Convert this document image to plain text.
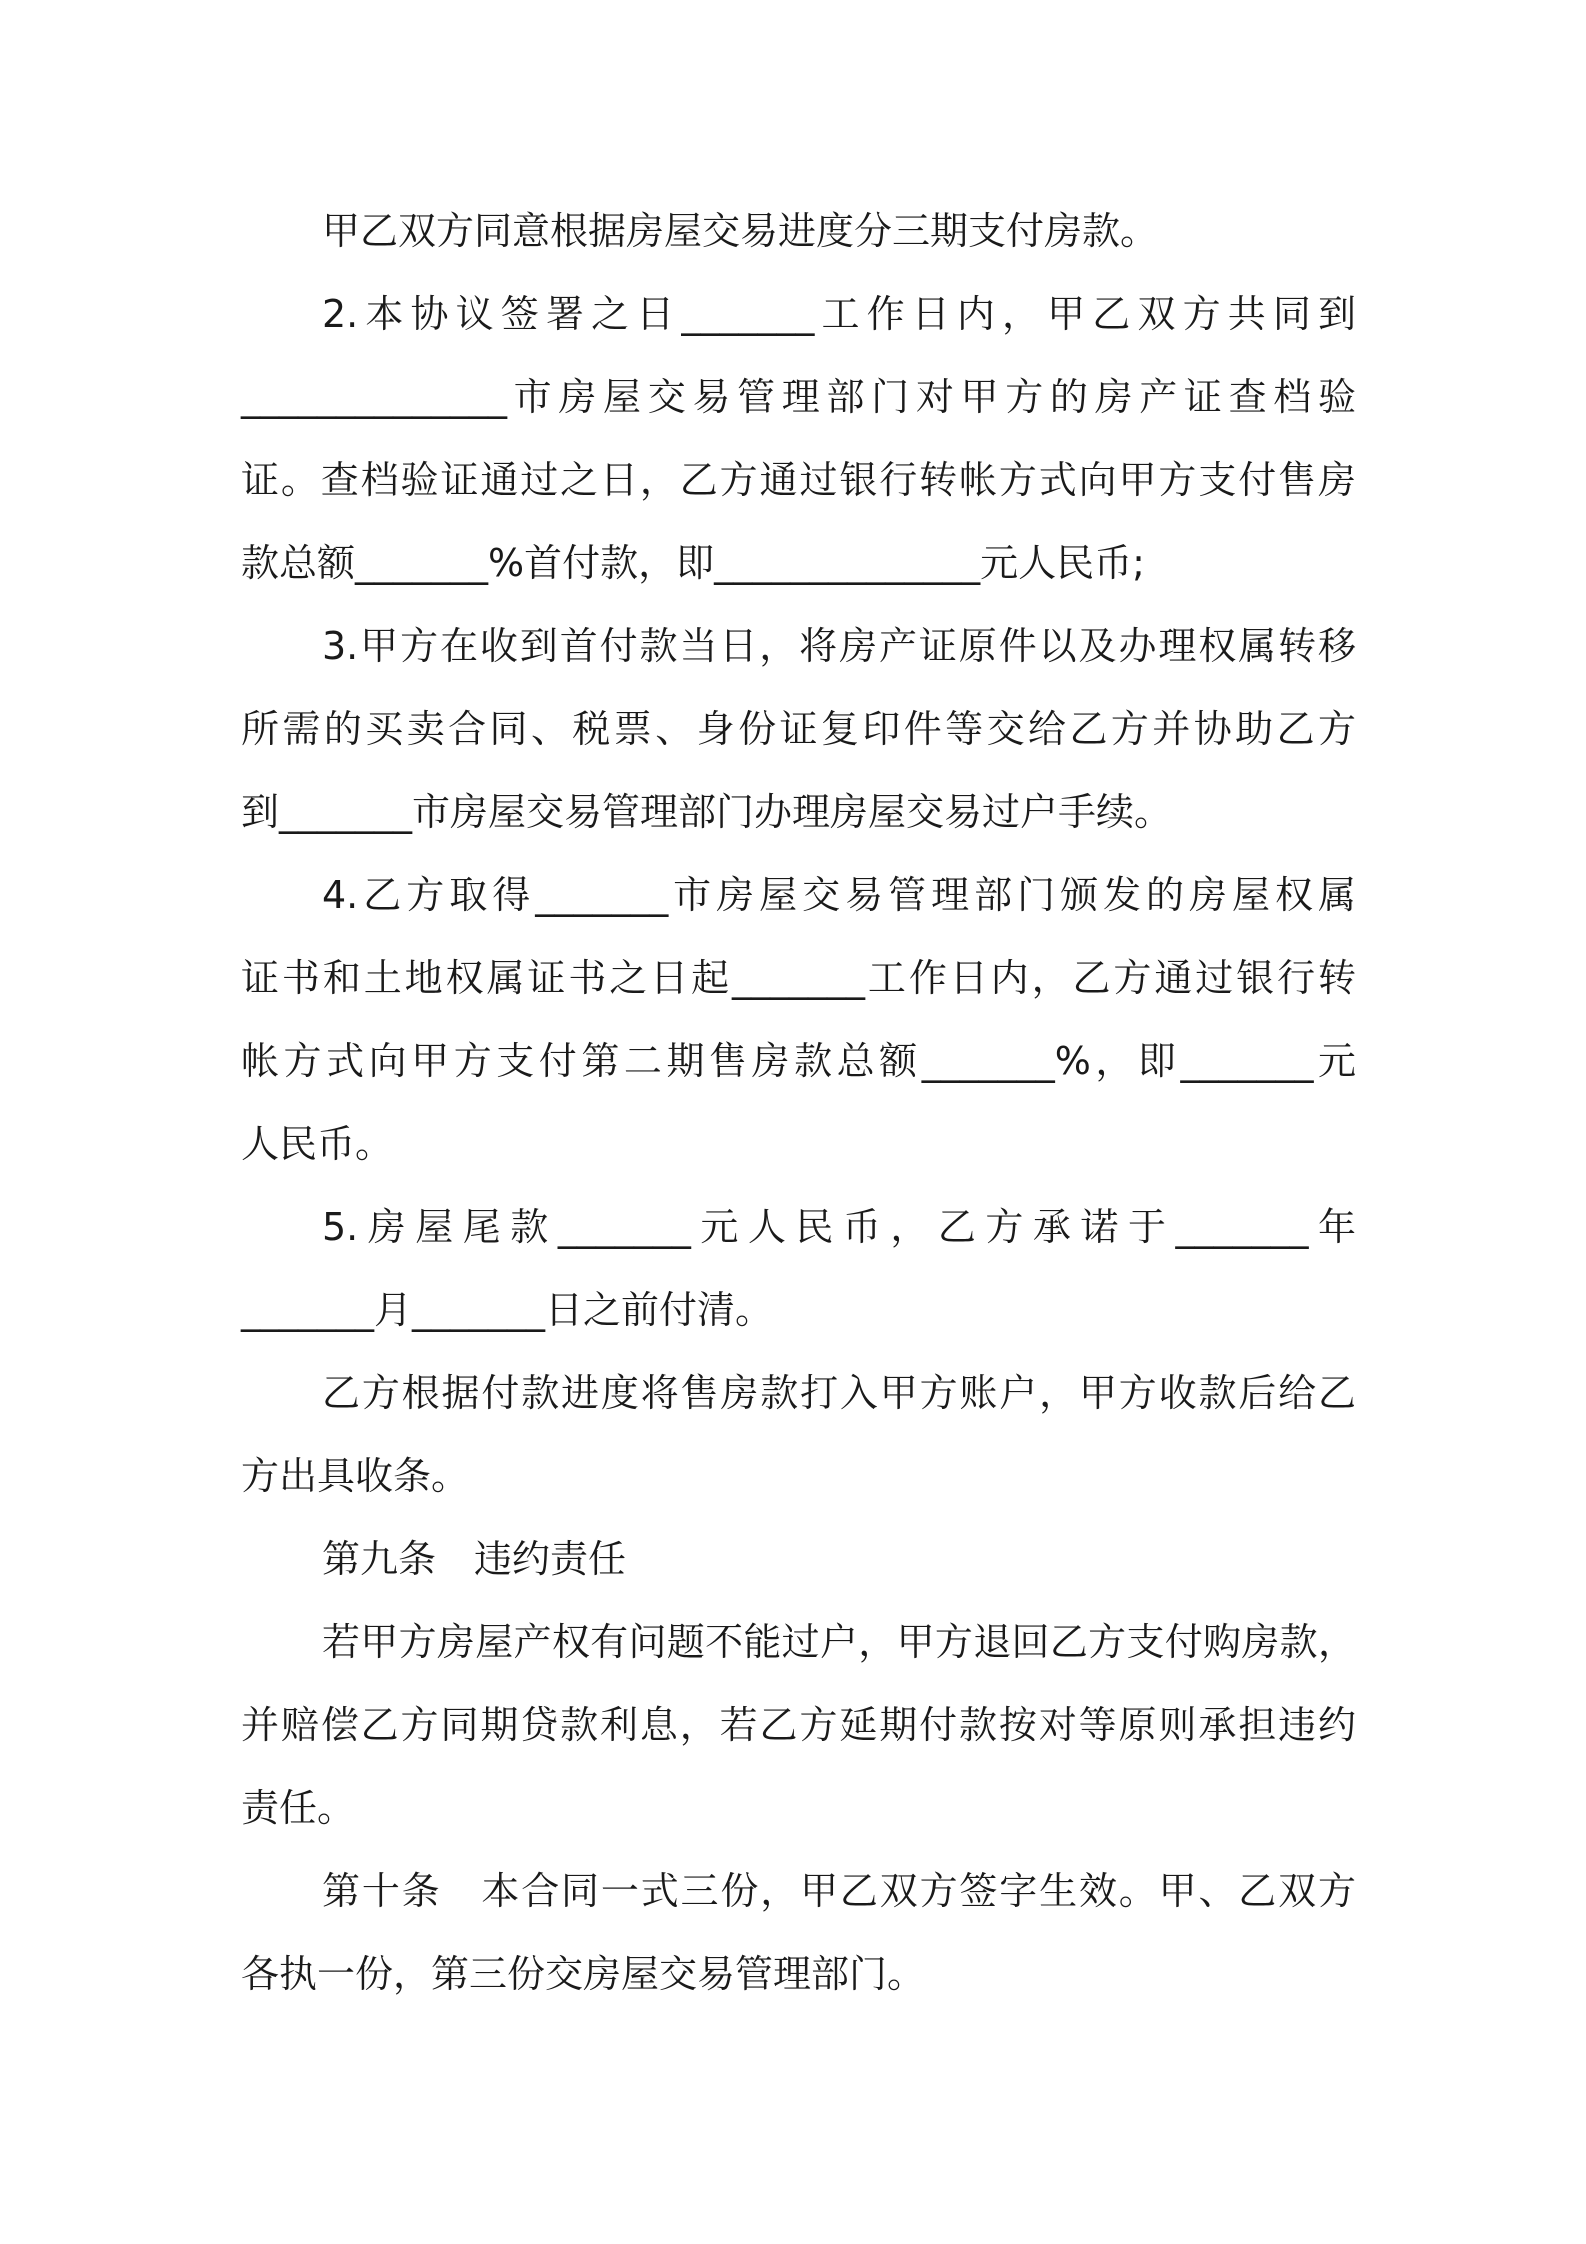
甲乙双方同意根据房屋交易进度分三期支付房款。
2.本协议签署之日_______工作日内，甲乙双方共同到
______________市房屋交易管理部门对甲方的房产证查档验
证。查档验证通过之日，乙方通过银行转帐方式向甲方支付售房
款总额_______%首付款，即______________元人民币;
3.甲方在收到首付款当日，将房产证原件以及办理权属转移
所需的买卖合同、税票、身份证复印件等交给乙方并协助乙方
到_______市房屋交易管理部门办理房屋交易过户手续。
4.乙方取得_______市房屋交易管理部门颁发的房屋权属
证书和土地权属证书之日起_______工作日内，乙方通过银行转
帐方式向甲方支付第二期售房款总额_______%，即_______元
人民币。
5.房屋尾款_______元人民币，乙方承诺于_______年
_______月_______日之前付清。
乙方根据付款进度将售房款打入甲方账户，甲方收款后给乙
方出具收条。
第九条　违约责任
若甲方房屋产权有问题不能过户，甲方退回乙方支付购房款，
并赔偿乙方同期贷款利息，若乙方延期付款按对等原则承担违约
责任。
第十条　本合同一式三份，甲乙双方签字生效。甲、乙双方
各执一份，第三份交房屋交易管理部门。
